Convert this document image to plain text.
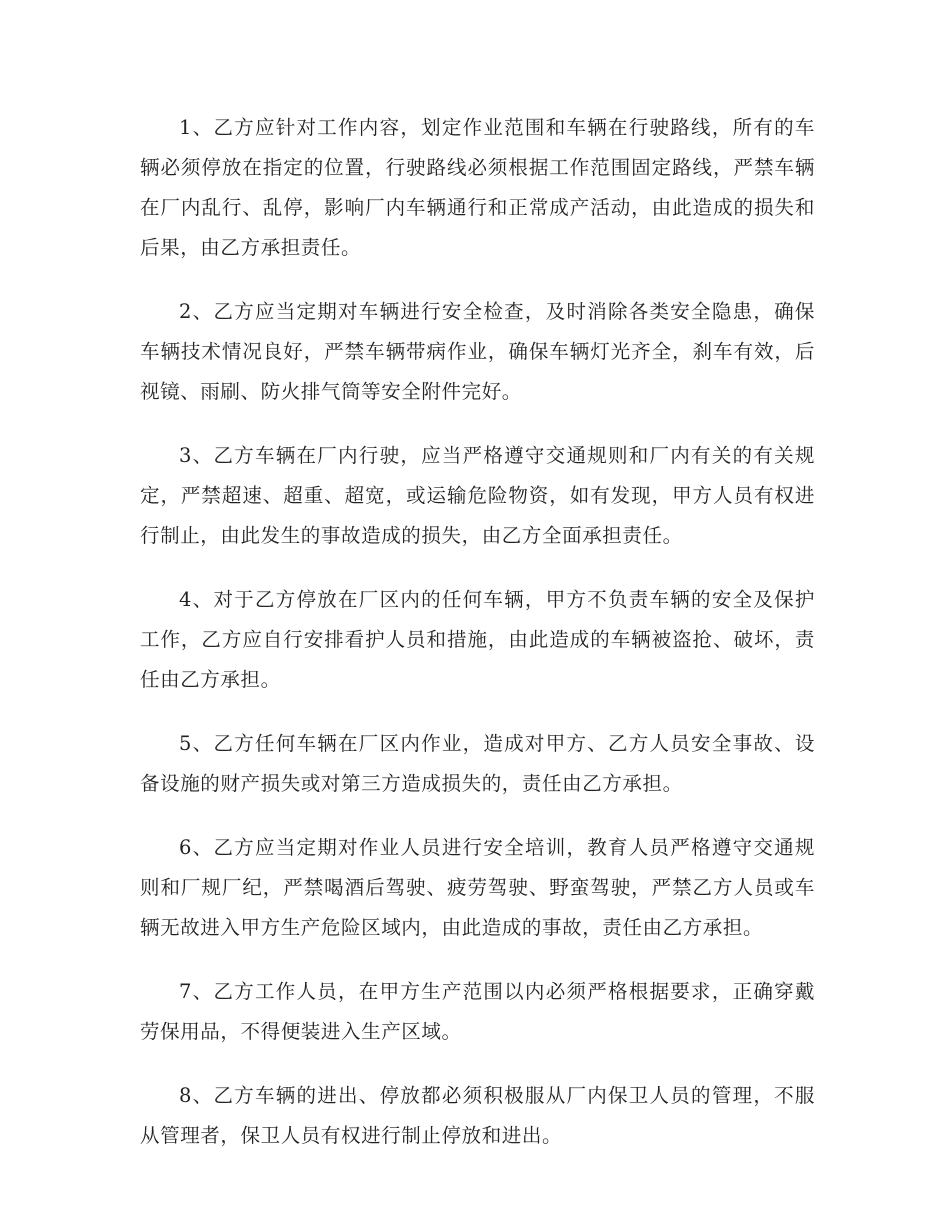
1、乙方应针对工作内容，划定作业范围和车辆在行驶路线，所有的车辆必须停放在指定的位置，行驶路线必须根据工作范围固定路线，严禁车辆在厂内乱行、乱停，影响厂内车辆通行和正常成产活动，由此造成的损失和后果，由乙方承担责任。

2、乙方应当定期对车辆进行安全检查，及时消除各类安全隐患，确保车辆技术情况良好，严禁车辆带病作业，确保车辆灯光齐全，刹车有效，后视镜、雨刷、防火排气筒等安全附件完好。

3、乙方车辆在厂内行驶，应当严格遵守交通规则和厂内有关的有关规定，严禁超速、超重、超宽，或运输危险物资，如有发现，甲方人员有权进行制止，由此发生的事故造成的损失，由乙方全面承担责任。

4、对于乙方停放在厂区内的任何车辆，甲方不负责车辆的安全及保护工作，乙方应自行安排看护人员和措施，由此造成的车辆被盗抢、破坏，责任由乙方承担。

5、乙方任何车辆在厂区内作业，造成对甲方、乙方人员安全事故、设备设施的财产损失或对第三方造成损失的，责任由乙方承担。

6、乙方应当定期对作业人员进行安全培训，教育人员严格遵守交通规则和厂规厂纪，严禁喝酒后驾驶、疲劳驾驶、野蛮驾驶，严禁乙方人员或车辆无故进入甲方生产危险区域内，由此造成的事故，责任由乙方承担。

7、乙方工作人员，在甲方生产范围以内必须严格根据要求，正确穿戴劳保用品，不得便装进入生产区域。

8、乙方车辆的进出、停放都必须积极服从厂内保卫人员的管理，不服从管理者，保卫人员有权进行制止停放和进出。
